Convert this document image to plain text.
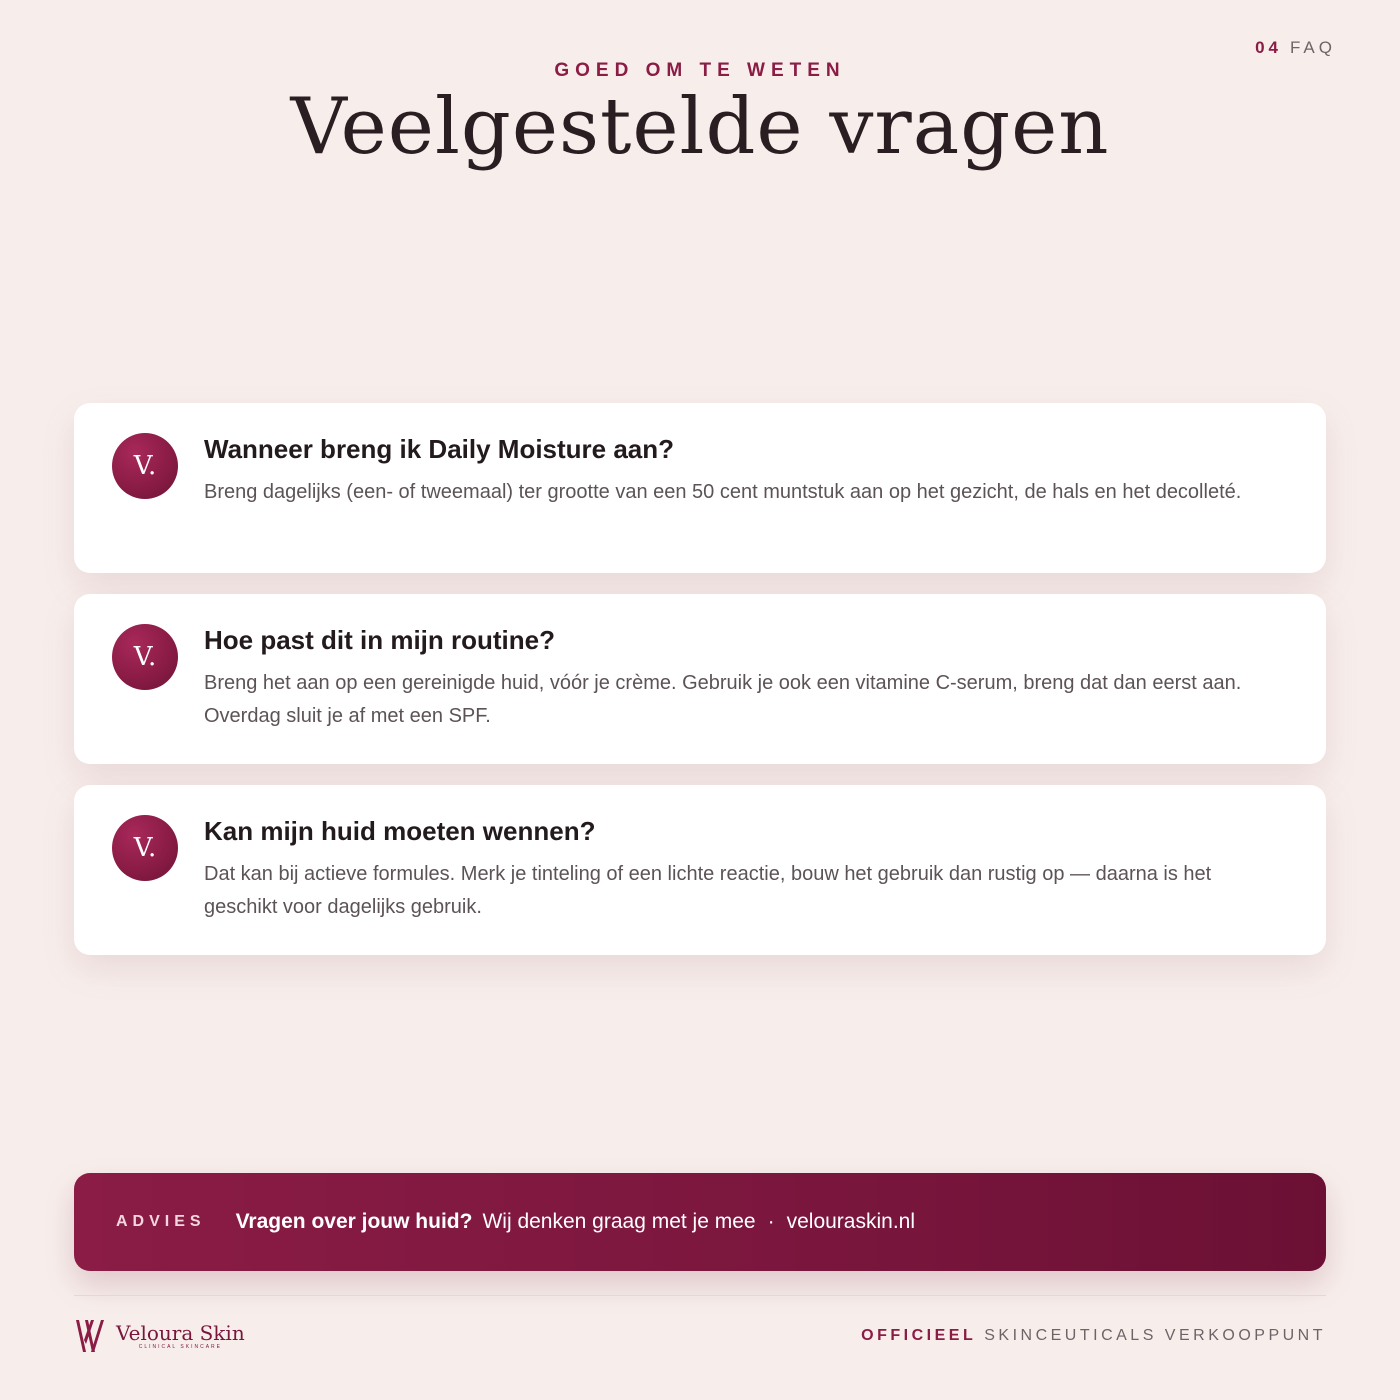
04 FAQ
GOED OM TE WETEN
Veelgestelde vragen
V.
Wanneer breng ik Daily Moisture aan?
Breng dagelijks (een- of tweemaal) ter grootte van een 50 cent muntstuk aan op het gezicht, de hals en het decolleté.
V.
Hoe past dit in mijn routine?
Breng het aan op een gereinigde huid, vóór je crème. Gebruik je ook een vitamine C-serum, breng dat dan eerst aan. Overdag sluit je af met een SPF.
V.
Kan mijn huid moeten wennen?
Dat kan bij actieve formules. Merk je tinteling of een lichte reactie, bouw het gebruik dan rustig op — daarna is het geschikt voor dagelijks gebruik.
ADVIES Vragen over jouw huid? Wij denken graag met je mee · velouraskin.nl
Veloura Skin
CLINICAL SKINCARE
OFFICIEEL SKINCEUTICALS VERKOOPPUNT
